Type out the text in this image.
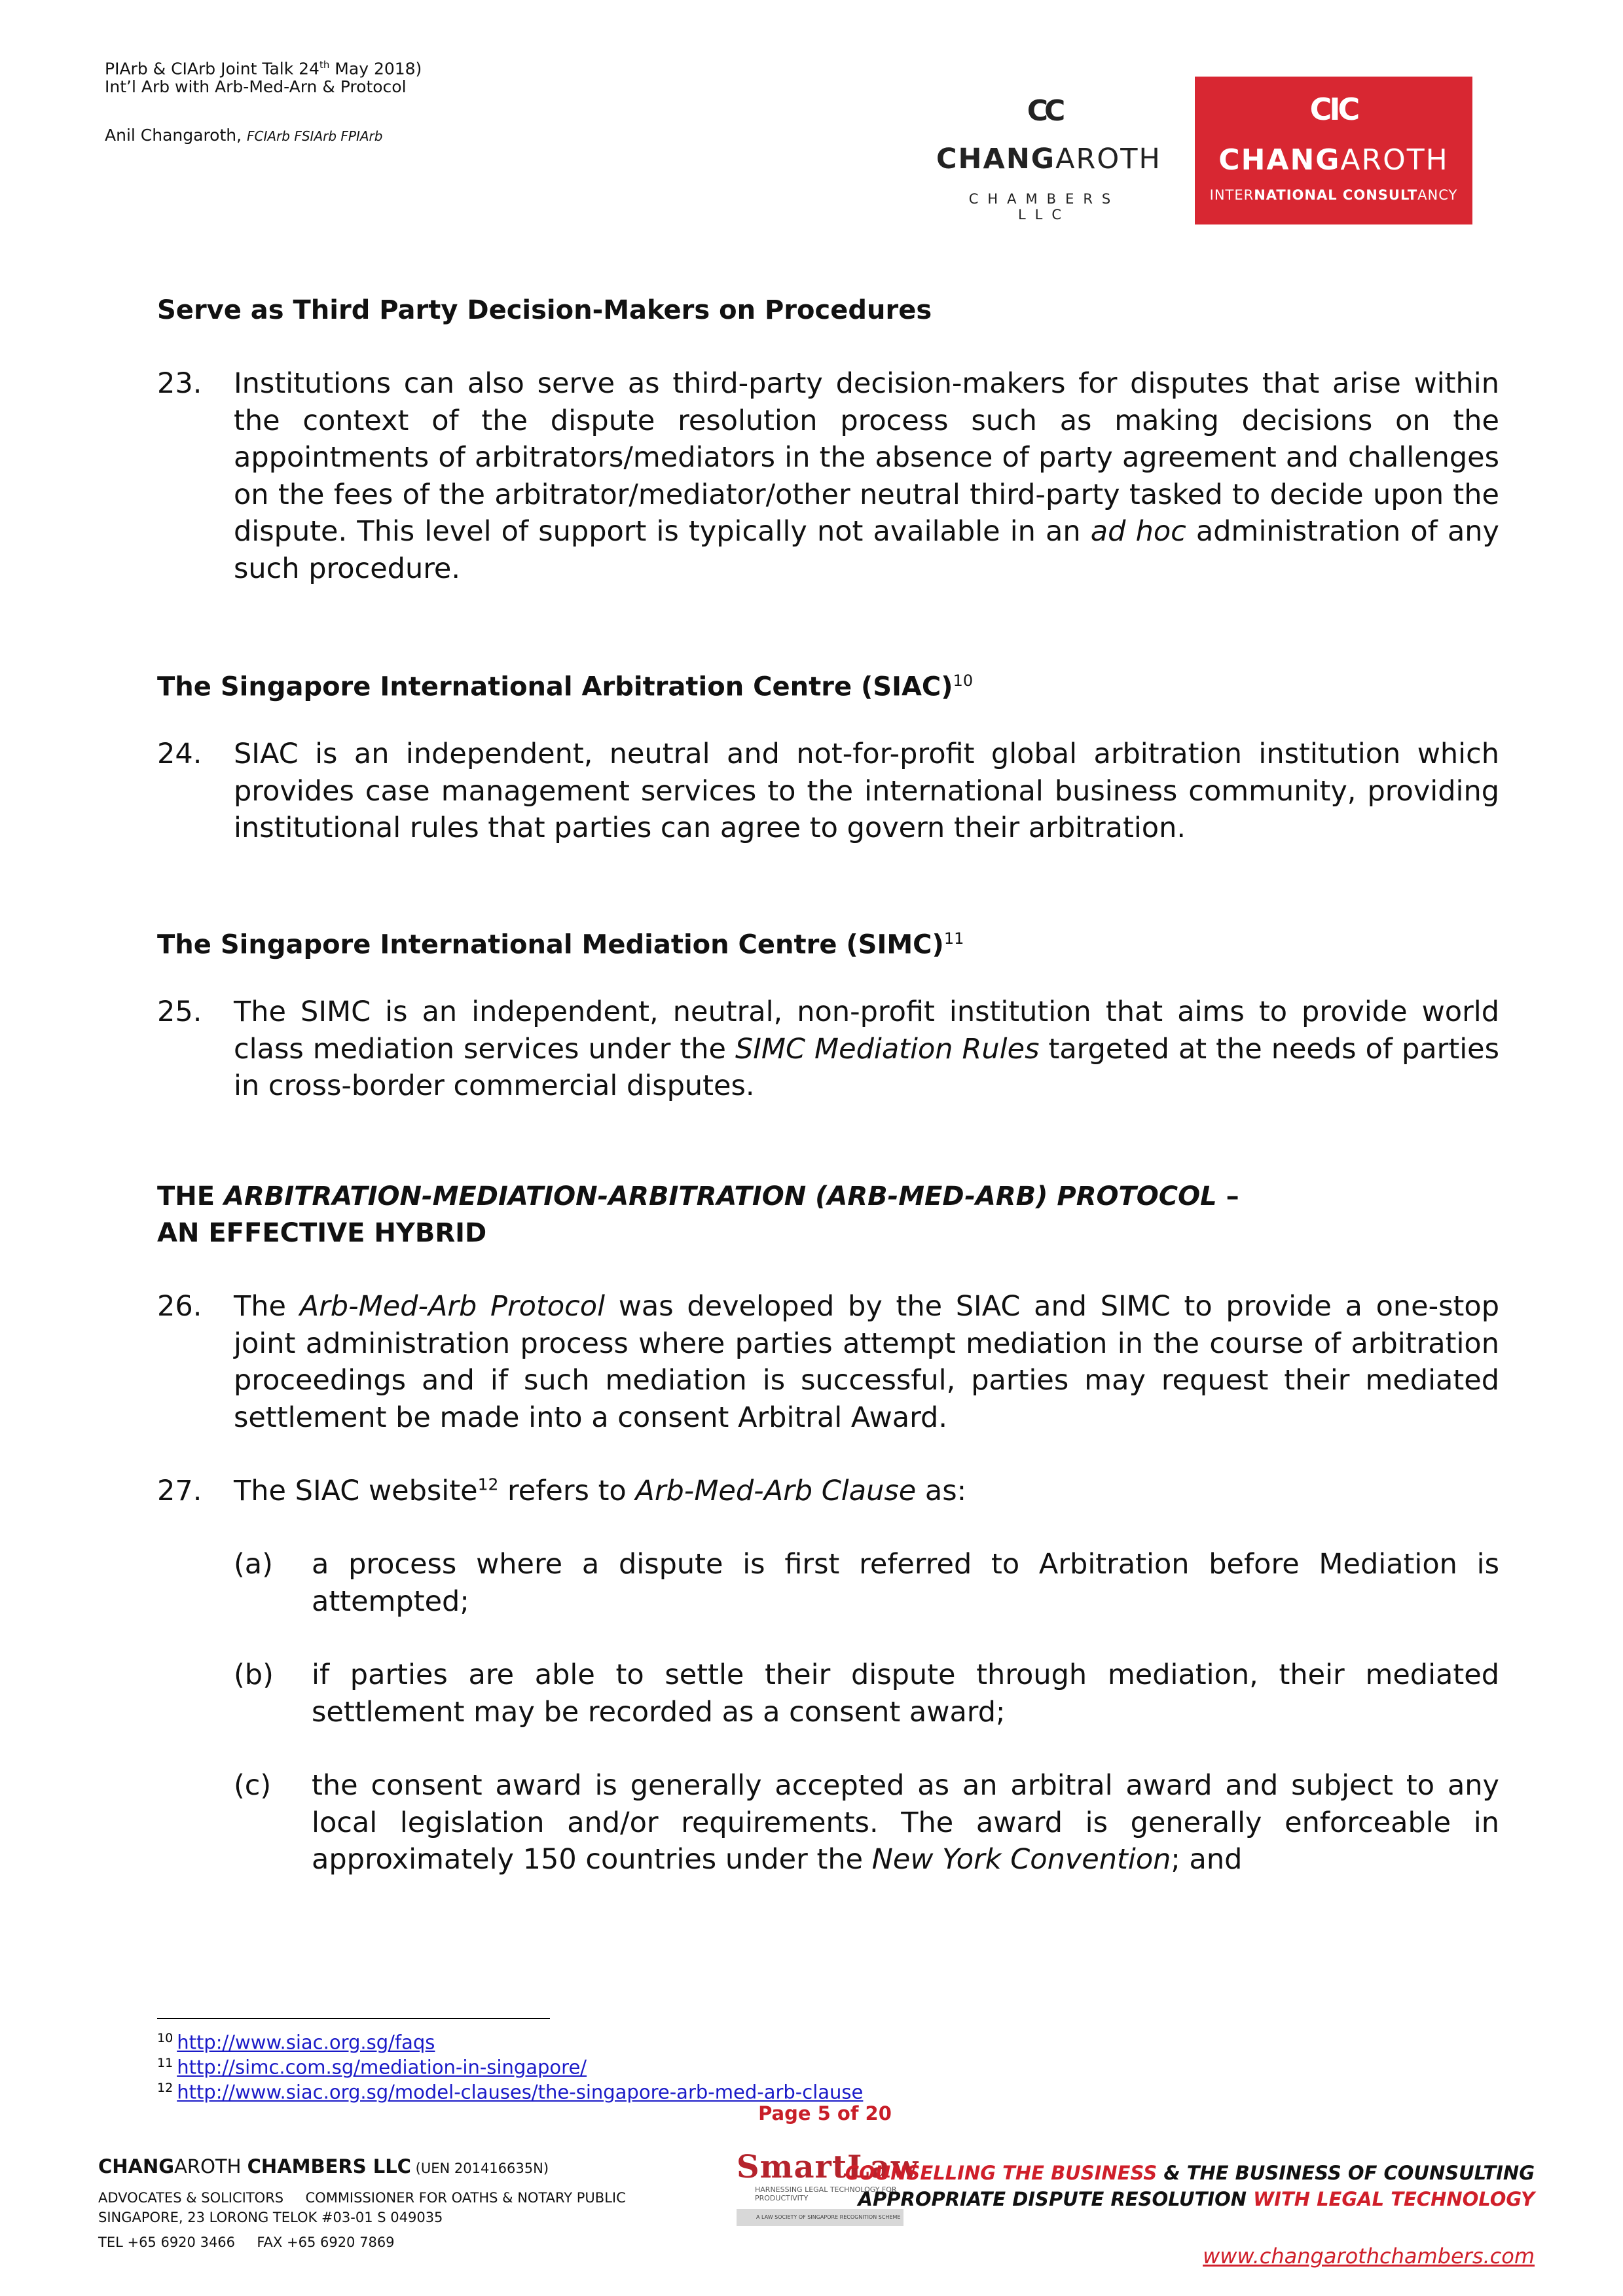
PIArb & CIArb Joint Talk 24th May 2018)
Int’l Arb with Arb-Med-Arn & Protocol
Anil Changaroth, FCIArb FSIArb FPIArb
CC
CHANGAROTH
CHAMBERS LLC
CIC
CHANGAROTH
INTERNATIONAL CONSULTANCY
Serve as Third Party Decision-Makers on Procedures
23. Institutions can also serve as third-party decision-makers for disputes that arise within the context of the dispute resolution process such as making decisions on the appointments of arbitrators/mediators in the absence of party agreement and challenges on the fees of the arbitrator/mediator/other neutral third-party tasked to decide upon the dispute. This level of support is typically not available in an ad hoc administration of any such procedure.
The Singapore International Arbitration Centre (SIAC)$^{10}$
24. SIAC is an independent, neutral and not-for-profit global arbitration institution which provides case management services to the international business community, providing institutional rules that parties can agree to govern their arbitration.
The Singapore International Mediation Centre (SIMC)$^{11}$
25. The SIMC is an independent, neutral, non-profit institution that aims to provide world class mediation services under the SIMC Mediation Rules targeted at the needs of parties in cross-border commercial disputes.
THE ARBITRATION-MEDIATION-ARBITRATION (ARB-MED-ARB) PROTOCOL –
AN EFFECTIVE HYBRID
26. The Arb-Med-Arb Protocol was developed by the SIAC and SIMC to provide a one-stop joint administration process where parties attempt mediation in the course of arbitration proceedings and if such mediation is successful, parties may request their mediated settlement be made into a consent Arbitral Award.
27. The SIAC website$^{12}$ refers to Arb-Med-Arb Clause as:
(a) a process where a dispute is first referred to Arbitration before Mediation is attempted;
(b) if parties are able to settle their dispute through mediation, their mediated settlement may be recorded as a consent award;
(c) the consent award is generally accepted as an arbitral award and subject to any local legislation and/or requirements. The award is generally enforceable in approximately 150 countries under the New York Convention; and
$^{10}$ http://www.siac.org.sg/faqs
$^{11}$ http://simc.com.sg/mediation-in-singapore/
$^{12}$ http://www.siac.org.sg/model-clauses/the-singapore-arb-med-arb-clause
Page 5 of 20
CHANGAROTH CHAMBERS LLC (UEN 201416635N)
ADVOCATES & SOLICITORS     COMMISSIONER FOR OATHS & NOTARY PUBLIC
SINGAPORE, 23 LORONG TELOK #03-01 S 049035
TEL +65 6920 3466     FAX +65 6920 7869
SmartLaw
HARNESSING LEGAL TECHNOLOGY FOR PRODUCTIVITY
A LAW SOCIETY OF SINGAPORE RECOGNITION SCHEME
COUNSELLING THE BUSINESS & THE BUSINESS OF COUNSULTING
APPROPRIATE DISPUTE RESOLUTION WITH LEGAL TECHNOLOGY
www.changarothchambers.com
